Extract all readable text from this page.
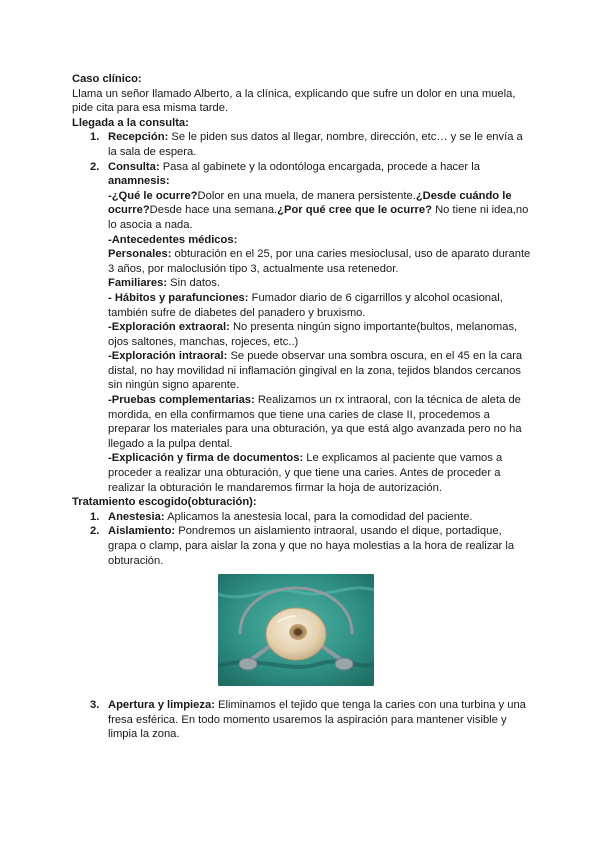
Caso clínico:

Llama un señor llamado Alberto, a la clínica, explicando que sufre un dolor en una muela, pide cita para esa misma tarde.

Llegada a la consulta:

1. Recepción: Se le piden sus datos al llegar, nombre, dirección, etc… y se le envía a la sala de espera.
2. Consulta: Pasa al gabinete y la odontóloga encargada, procede a hacer la anamnesis:

-¿Qué le ocurre?Dolor en una muela, de manera persistente.¿Desde cuándo le ocurre?Desde hace una semana.¿Por qué cree que le ocurre? No tiene ni idea,no lo asocia a nada.

-Antecedentes médicos:

Personales: obturación en el 25, por una caries mesioclusal, uso de aparato durante 3 años, por maloclusión tipo 3, actualmente usa retenedor.

Familiares: Sin datos.

- Hábitos y parafunciones: Fumador diario de 6 cigarrillos y alcohol ocasional, también sufre de diabetes del panadero y bruxismo.

-Exploración extraoral: No presenta ningún signo importante(bultos, melanomas, ojos saltones, manchas, rojeces, etc..)

-Exploración intraoral: Se puede observar una sombra oscura, en el 45 en la cara distal, no hay movilidad ni inflamación gingival en la zona, tejidos blandos cercanos sin ningún signo aparente.

-Pruebas complementarias: Realizamos un rx intraoral, con la técnica de aleta de mordida, en ella confirmamos que tiene una caries de clase II, procedemos a preparar los materiales para una obturación, ya que está algo avanzada pero no ha llegado a la pulpa dental.

-Explicación y firma de documentos: Le explicamos al paciente que vamos a proceder a realizar una obturación, y que tiene una caries. Antes de proceder a realizar la obturación le mandaremos firmar la hoja de autorización.

Tratamiento escogido(obturación):

1. Anestesia: Aplicamos la anestesia local, para la comodidad del paciente.
2. Aislamiento: Pondremos un aislamiento intraoral, usando el dique, portadique, grapa o clamp, para aislar la zona y que no haya molestias a la hora de realizar la obturación.
3. Apertura y limpieza: Eliminamos el tejido que tenga la caries con una turbina y una fresa esférica. En todo momento usaremos la aspiración para mantener visible y limpia la zona.
